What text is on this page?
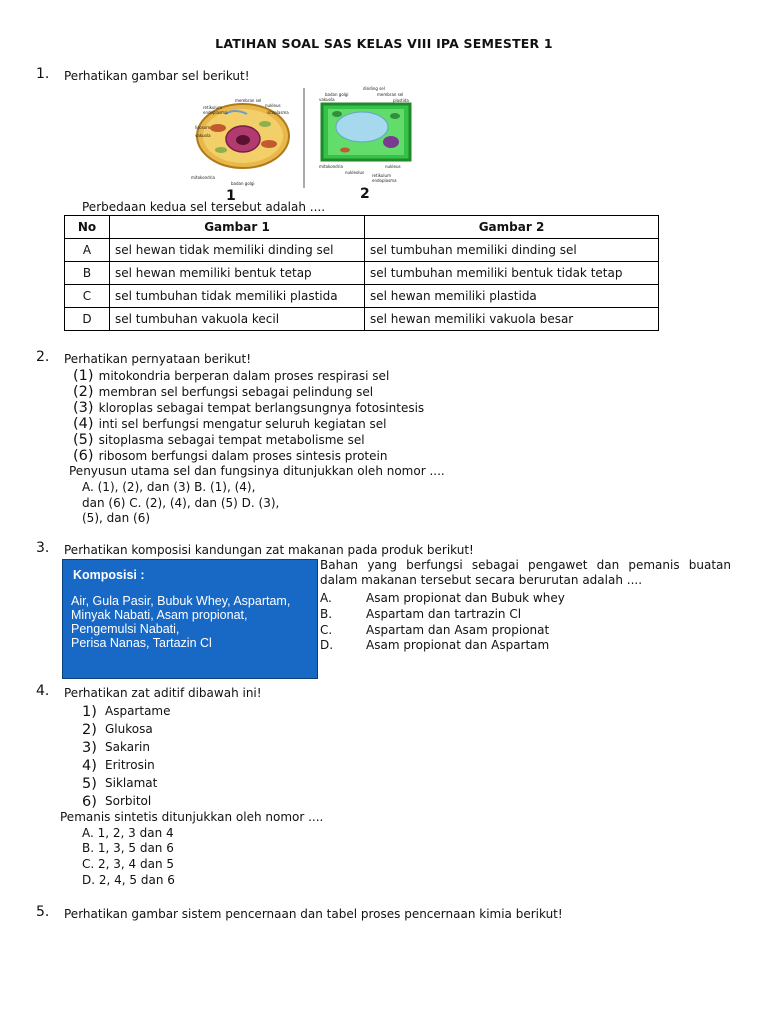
LATIHAN SOAL SAS KELAS VIII IPA SEMESTER 1
1. Perhatikan gambar sel berikut!
retikulum
endoplasma
membran sel
nukleus
sitoplasma
lisosom
vakuola
mitokondria
badan golgi
1
dinding sel
membran sel
badan golgi
plastida
vakuola
mitokondria
nukleolus
nukleus
retikulum
endoplasma
2
Perbedaan kedua sel tersebut adalah ....
No	Gambar 1	Gambar 2
A	sel hewan tidak memiliki dinding sel	sel tumbuhan memiliki dinding sel
B	sel hewan memiliki bentuk tetap	sel tumbuhan memiliki bentuk tidak tetap
C	sel tumbuhan tidak memiliki plastida	sel hewan memiliki plastida
D	sel tumbuhan vakuola kecil	sel hewan memiliki vakuola besar
2. Perhatikan pernyataan berikut!
(1) mitokondria berperan dalam proses respirasi sel
(2) membran sel berfungsi sebagai pelindung sel
(3) kloroplas sebagai tempat berlangsungnya fotosintesis
(4) inti sel berfungsi mengatur seluruh kegiatan sel
(5) sitoplasma sebagai tempat metabolisme sel
(6) ribosom berfungsi dalam proses sintesis protein
Penyusun utama sel dan fungsinya ditunjukkan oleh nomor ....
A. (1), (2), dan (3) B. (1), (4),
dan (6) C. (2), (4), dan (5) D. (3),
(5), dan (6)
3. Perhatikan komposisi kandungan zat makanan pada produk berikut!
Komposisi :
Air, Gula Pasir, Bubuk Whey, Aspartam,
Minyak Nabati, Asam propionat,
Pengemulsi Nabati,
Perisa Nanas, Tartazin Cl
Bahan yang berfungsi sebagai pengawet dan pemanis buatan dalam makanan tersebut secara berurutan adalah ....
A.	Asam propionat dan Bubuk whey
B.	Aspartam dan tartrazin Cl
C.	Aspartam dan Asam propionat
D.	Asam propionat dan Aspartam
4. Perhatikan zat aditif dibawah ini!
1) Aspartame
2) Glukosa
3) Sakarin
4) Eritrosin
5) Siklamat
6) Sorbitol
Pemanis sintetis ditunjukkan oleh nomor ....
A. 1, 2, 3 dan 4
B. 1, 3, 5 dan 6
C. 2, 3, 4 dan 5
D. 2, 4, 5 dan 6
5. Perhatikan gambar sistem pencernaan dan tabel proses pencernaan kimia berikut!
